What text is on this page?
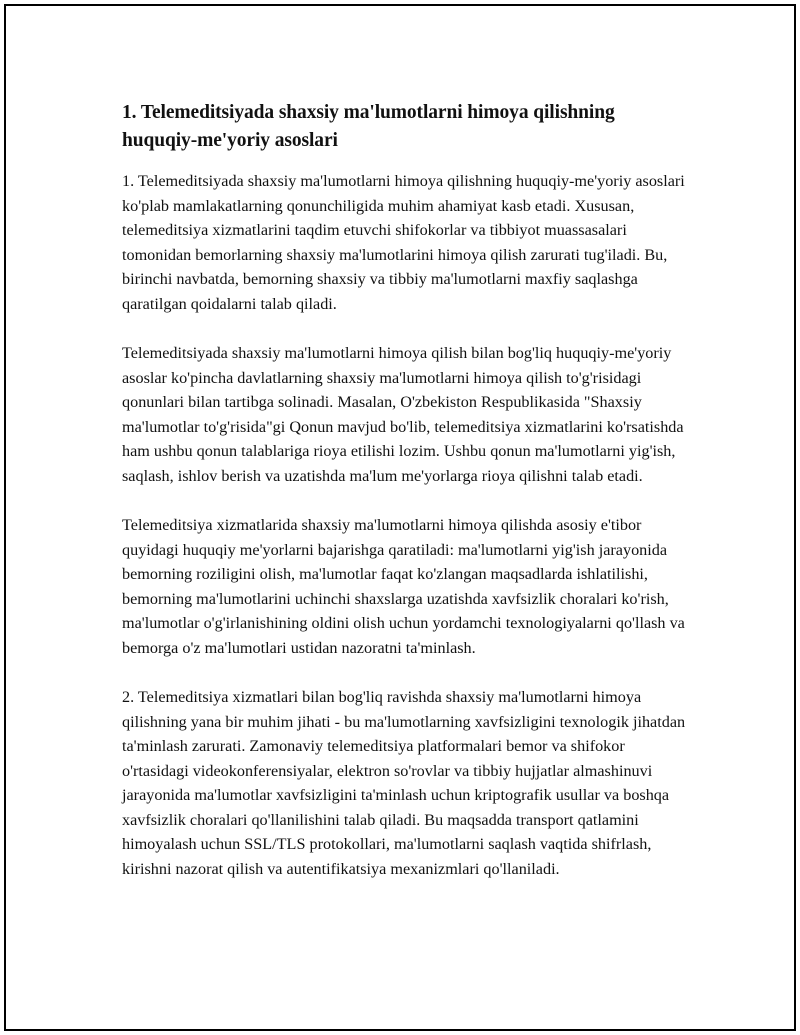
1. Telemeditsiyada shaxsiy ma'lumotlarni himoya qilishning huquqiy-me'yoriy asoslari

1. Telemeditsiyada shaxsiy ma'lumotlarni himoya qilishning huquqiy-me'yoriy asoslari ko'plab mamlakatlarning qonunchiligida muhim ahamiyat kasb etadi. Xususan, telemeditsiya xizmatlarini taqdim etuvchi shifokorlar va tibbiyot muassasalari tomonidan bemorlarning shaxsiy ma'lumotlarini himoya qilish zarurati tug'iladi. Bu, birinchi navbatda, bemorning shaxsiy va tibbiy ma'lumotlarni maxfiy saqlashga qaratilgan qoidalarni talab qiladi.

Telemeditsiyada shaxsiy ma'lumotlarni himoya qilish bilan bog'liq huquqiy-me'yoriy asoslar ko'pincha davlatlarning shaxsiy ma'lumotlarni himoya qilish to'g'risidagi qonunlari bilan tartibga solinadi. Masalan, O'zbekiston Respublikasida "Shaxsiy ma'lumotlar to'g'risida"gi Qonun mavjud bo'lib, telemeditsiya xizmatlarini ko'rsatishda ham ushbu qonun talablariga rioya etilishi lozim. Ushbu qonun ma'lumotlarni yig'ish, saqlash, ishlov berish va uzatishda ma'lum me'yorlarga rioya qilishni talab etadi.

Telemeditsiya xizmatlarida shaxsiy ma'lumotlarni himoya qilishda asosiy e'tibor quyidagi huquqiy me'yorlarni bajarishga qaratiladi: ma'lumotlarni yig'ish jarayonida bemorning roziligini olish, ma'lumotlar faqat ko'zlangan maqsadlarda ishlatilishi, bemorning ma'lumotlarini uchinchi shaxslarga uzatishda xavfsizlik choralari ko'rish, ma'lumotlar o'g'irlanishining oldini olish uchun yordamchi texnologiyalarni qo'llash va bemorga o'z ma'lumotlari ustidan nazoratni ta'minlash.

2. Telemeditsiya xizmatlari bilan bog'liq ravishda shaxsiy ma'lumotlarni himoya qilishning yana bir muhim jihati - bu ma'lumotlarning xavfsizligini texnologik jihatdan ta'minlash zarurati. Zamonaviy telemeditsiya platformalari bemor va shifokor o'rtasidagi videokonferensiyalar, elektron so'rovlar va tibbiy hujjatlar almashinuvi jarayonida ma'lumotlar xavfsizligini ta'minlash uchun kriptografik usullar va boshqa xavfsizlik choralari qo'llanilishini talab qiladi. Bu maqsadda transport qatlamini himoyalash uchun SSL/TLS protokollari, ma'lumotlarni saqlash vaqtida shifrlash, kirishni nazorat qilish va autentifikatsiya mexanizmlari qo'llaniladi.
